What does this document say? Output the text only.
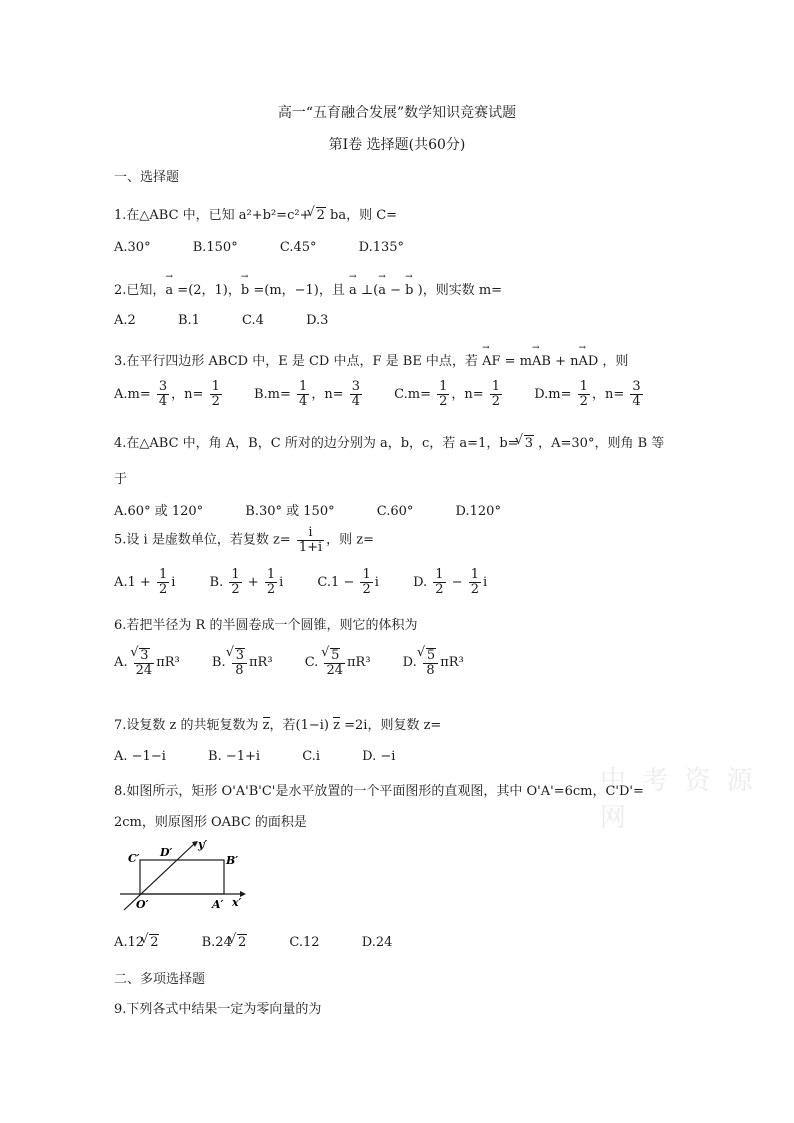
高一“五育融合发展”数学知识竞赛试题
第Ⅰ卷 选择题(共60分)
一、选择题
1.在△ABC 中，已知 a²+b²=c²+ √ 2 ba，则 C=
A.30°	B.150°	C.45°	D.135°
2.已知，→ a =(2，1)，→ b =(m，−1)，且 → a ⊥(→ a − → b )，则实数 m=
A.2	B.1	C.4	D.3
3.在平行四边形 ABCD 中，E 是 CD 中点，F 是 BE 中点，若 → AF = m→ AB + n→ AD ，则
$A.m= \frac{3}{4}$ ，$n= \frac{1}{2} B.m= \frac{1}{4}$ ，$n= \frac{3}{4} C.m= \frac{1}{2}$ ，$n= \frac{1}{2} D.m= \frac{1}{2}$ ，$n= \frac{3}{4}$
4.在△ABC 中，角 A，B，C 所对的边分别为 a，b，c，若 a=1，b= √ 3 ，A=30°，则角 B 等
于
A.60° 或 120°	B.30° 或 150°	C.60°	D.120°
5.设 i 是虚数单位，若复数 $z= \frac{i}{1+i}$ ，则 z=
$A.1 + \frac{1}{2}$ i	B. $\frac{1}{2} + \frac{1}{2}$ i	$C.1 - \frac{1}{2}$ i	D. $\frac{1}{2} - \frac{1}{2}$ i
6.若把半径为 R 的半圆卷成一个圆锥，则它的体积为
A. √ $\frac{3}{24} \pi R^3$ B. √ $\frac{3}{8} \pi R^3$ C. √ $\frac{5}{24} \pi R^3$ D. √ $\frac{5}{8} \pi R^3$
7.设复数 z 的共轭复数为 z，若(1−i) z =2i，则复数 z=
A. −1−i	B. −1+i	C.i	D. −i
中 考 资 源 网
8.如图所示，矩形 O'A'B'C'是水平放置的一个平面图形的直观图，其中 O'A'=6cm，C'D'=
2cm，则原图形 OABC 的面积是
C′ D′
y′
B′
O′	A′ x′
A.12 √ 2	B.24 √ 2	C.12	D.24
二、多项选择题
9.下列各式中结果一定为零向量的为
